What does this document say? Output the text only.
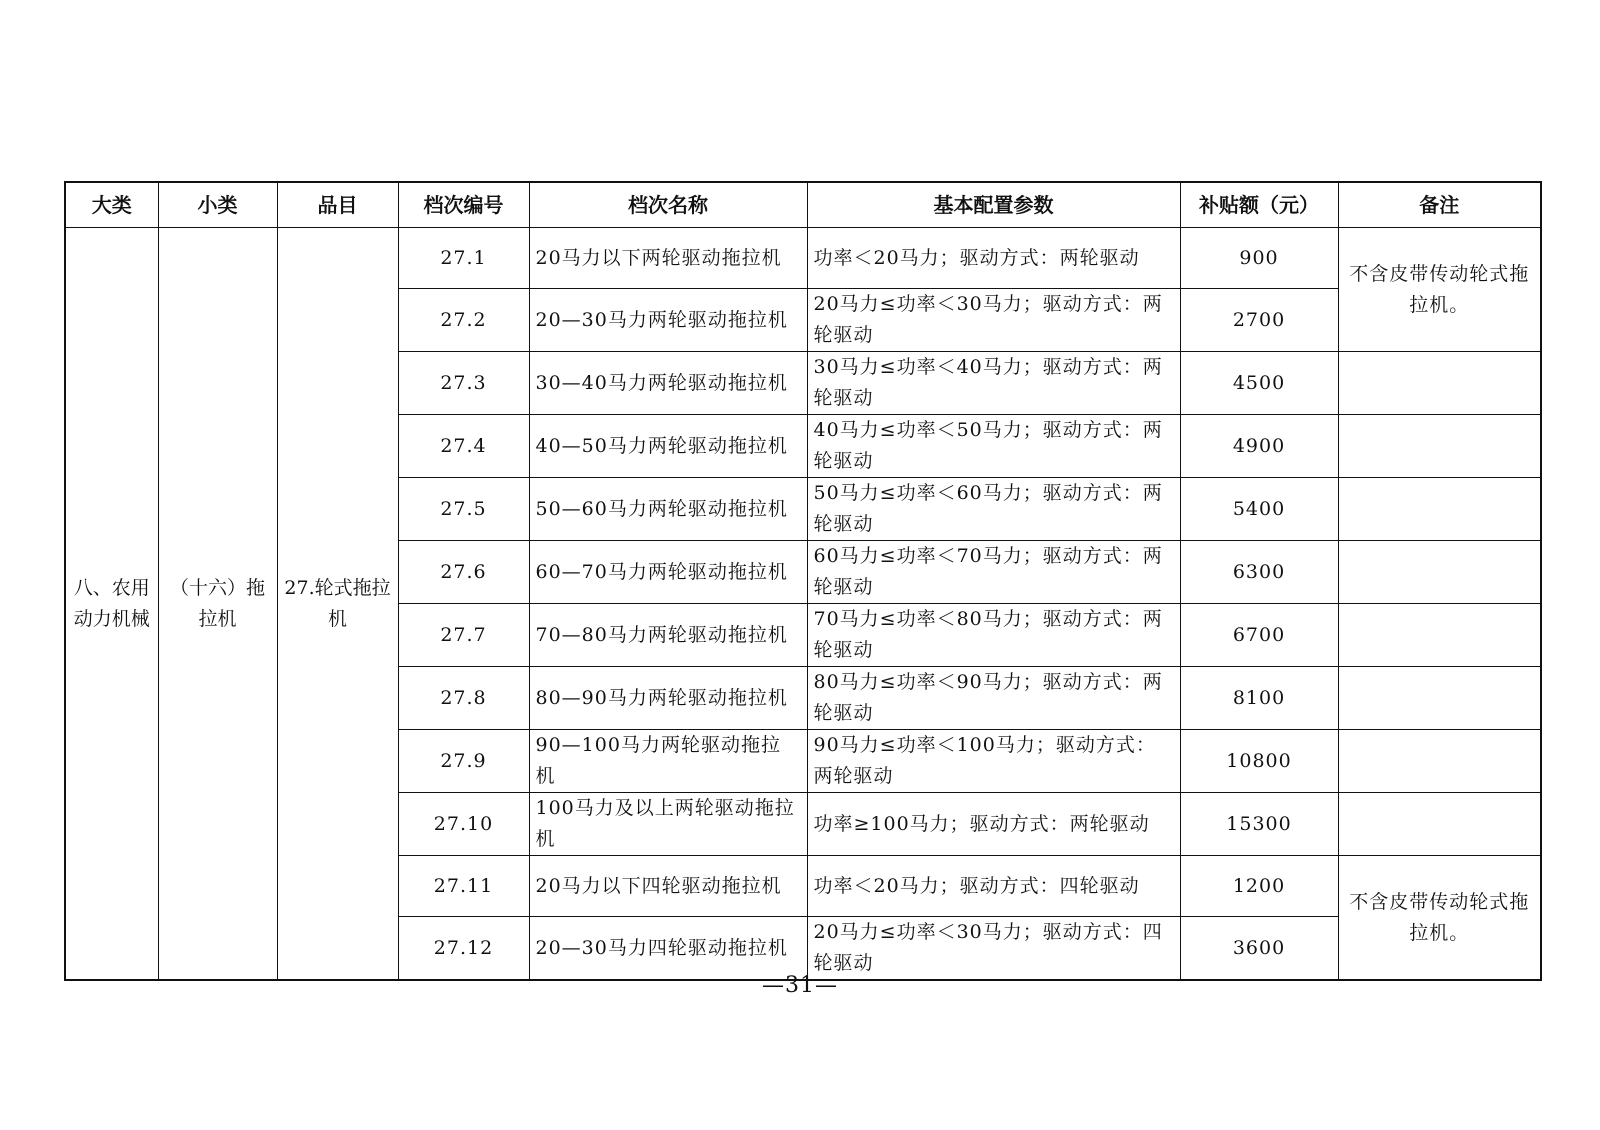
大类	小类	品目	档次编号	档次名称	基本配置参数	补贴额（元）	备注
八、农用动力机械	（十六）拖拉机	27.轮式拖拉机	27.1	20马力以下两轮驱动拖拉机	功率＜20马力；驱动方式：两轮驱动	900	不含皮带传动轮式拖拉机。
			27.2	20—30马力两轮驱动拖拉机	20马力≤功率＜30马力；驱动方式：两轮驱动	2700	
			27.3	30—40马力两轮驱动拖拉机	30马力≤功率＜40马力；驱动方式：两轮驱动	4500	
			27.4	40—50马力两轮驱动拖拉机	40马力≤功率＜50马力；驱动方式：两轮驱动	4900	
			27.5	50—60马力两轮驱动拖拉机	50马力≤功率＜60马力；驱动方式：两轮驱动	5400	
			27.6	60—70马力两轮驱动拖拉机	60马力≤功率＜70马力；驱动方式：两轮驱动	6300	
			27.7	70—80马力两轮驱动拖拉机	70马力≤功率＜80马力；驱动方式：两轮驱动	6700	
			27.8	80—90马力两轮驱动拖拉机	80马力≤功率＜90马力；驱动方式：两轮驱动	8100	
			27.9	90—100马力两轮驱动拖拉机	90马力≤功率＜100马力；驱动方式：两轮驱动	10800	
			27.10	100马力及以上两轮驱动拖拉机	功率≥100马力；驱动方式：两轮驱动	15300	
			27.11	20马力以下四轮驱动拖拉机	功率＜20马力；驱动方式：四轮驱动	1200	不含皮带传动轮式拖拉机。
			27.12	20—30马力四轮驱动拖拉机	20马力≤功率＜30马力；驱动方式：四轮驱动	3600	
—31—
